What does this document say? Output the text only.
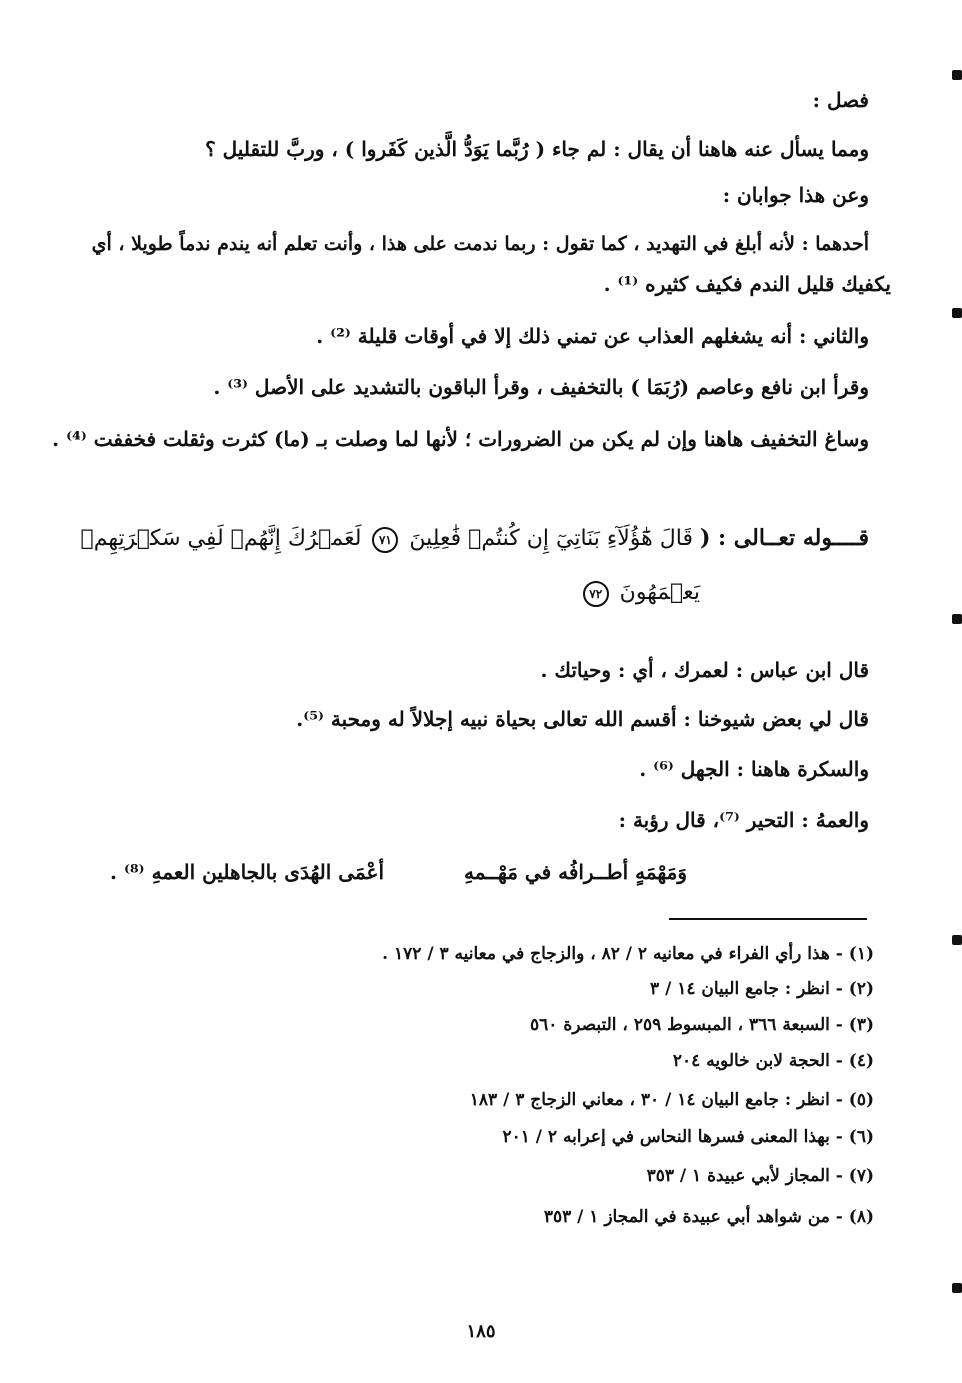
فصل :
ومما يسأل عنه هاهنا أن يقال : لم جاء ( رُبَّما يَوَدُّ الَّذين كَفَروا ) ، وربَّ للتقليل ؟
وعن هذا جوابان :
أحدهما : لأنه أبلغ في التهديد ، كما تقول : ربما ندمت على هذا ، وأنت تعلم أنه يندم ندماً طويلا ، أي
يكفيك قليل الندم فكيف كثيره ⁽¹⁾ .
والثاني : أنه يشغلهم العذاب عن تمني ذلك إلا في أوقات قليلة ⁽²⁾ .
وقرأ ابن نافع وعاصم (رُبَمَا ) بالتخفيف ، وقرأ الباقون بالتشديد على الأصل ⁽³⁾ .
وساغ التخفيف هاهنا وإن لم يكن من الضرورات ؛ لأنها لما وصلت بـ (ما) كثرت وثقلت فخففت ⁽⁴⁾ .
قــــوله تعــالى : ( قَالَ هَٰٓؤُلَآءِ بَنَاتِيٓ إِن كُنتُمۡ فَٰعِلِينَ ٧١ لَعَمۡرُكَ إِنَّهُمۡ لَفِي سَكۡرَتِهِمۡ
يَعۡمَهُونَ ٧٢
قال ابن عباس : لعمرك ، أي : وحياتك .
قال لي بعض شيوخنا : أقسم الله تعالى بحياة نبيه إجلالاً له ومحبة ⁽⁵⁾.
والسكرة هاهنا : الجهل ⁽⁶⁾ .
والعمهُ : التحير ⁽⁷⁾، قال رؤبة :
وَمَهْمَهٍ أطــرافُه في مَهْــمهِ
أعْمَى الهُدَى بالجاهلين العمهِ ⁽⁸⁾ .
(١) - هذا رأي الفراء في معانيه ٢ / ٨٢ ، والزجاج في معانيه ٣ / ١٧٢ .
(٢) - انظر : جامع البيان ١٤ / ٣
(٣) - السبعة ٣٦٦ ، المبسوط ٢٥٩ ، التبصرة ٥٦٠
(٤) - الحجة لابن خالويه ٢٠٤
(٥) - انظر : جامع البيان ١٤ / ٣٠ ، معاني الزجاج ٣ / ١٨٣
(٦) - بهذا المعنى فسرها النحاس في إعرابه ٢ / ٢٠١
(٧) - المجاز لأبي عبيدة ١ / ٣٥٣
(٨) - من شواهد أبي عبيدة في المجاز ١ / ٣٥٣
١٨٥
